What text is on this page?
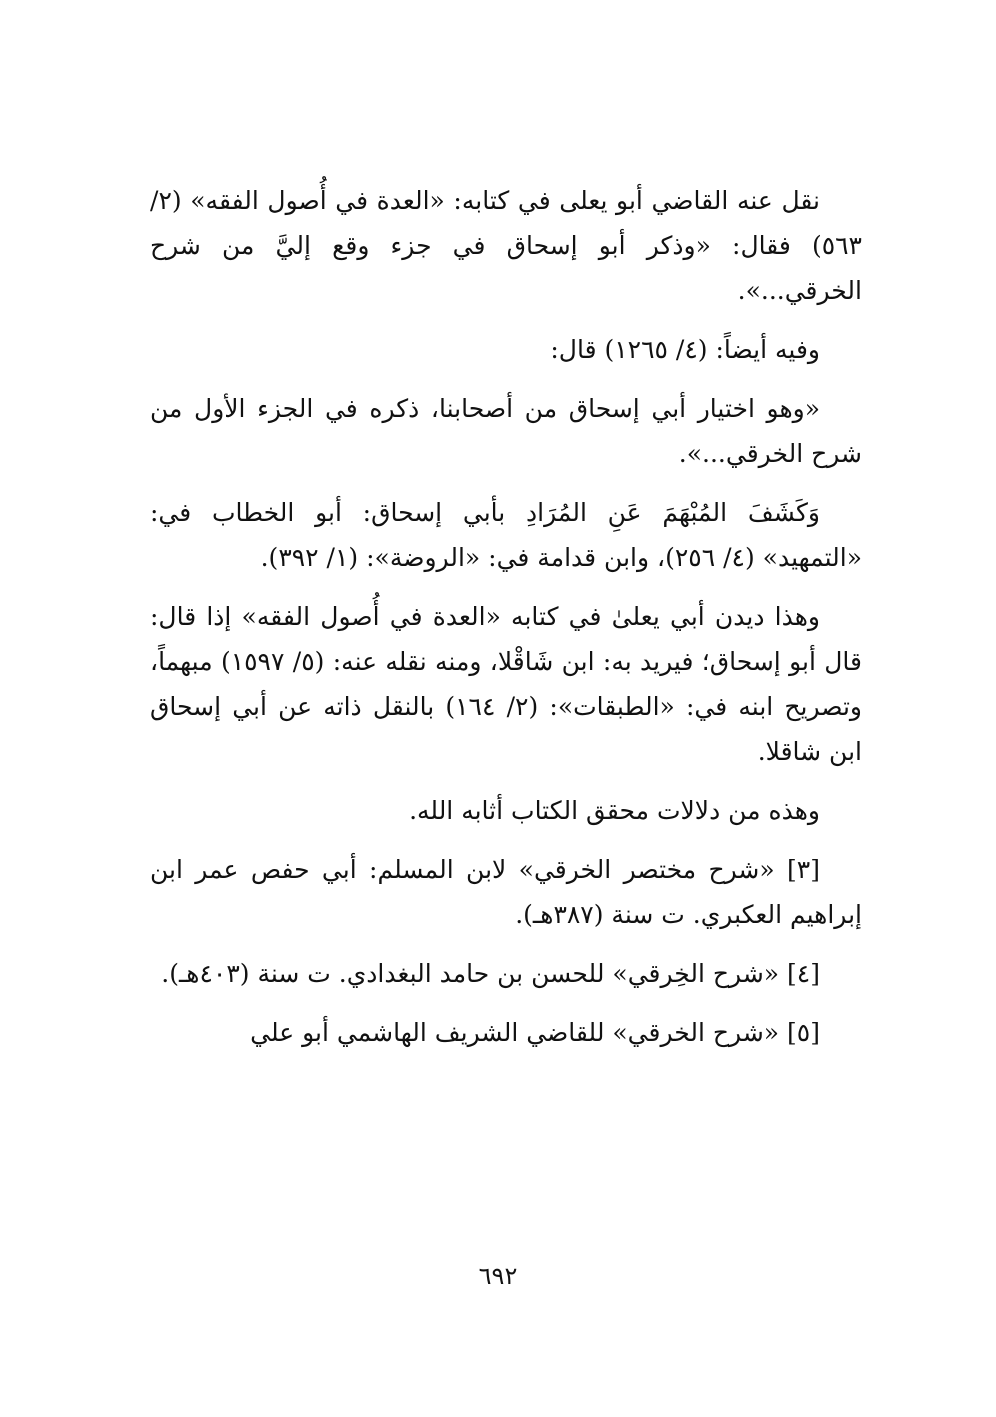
نقل عنه القاضي أبو يعلى في كتابه: «العدة في أُصول الفقه» (٢/ ٥٦٣) فقال: «وذكر أبو إسحاق في جزء وقع إليَّ من شرح الخرقي...».

وفيه أيضاً: (٤/ ١٢٦٥) قال:

«وهو اختيار أبي إسحاق من أصحابنا، ذكره في الجزء الأول من شرح الخرقي...».

وَكَشَفَ المُبْهَمَ عَنِ المُرَادِ بأبي إسحاق: أبو الخطاب في: «التمهيد» (٤/ ٢٥٦)، وابن قدامة في: «الروضة»: (١/ ٣٩٢).

وهذا ديدن أبي يعلىٰ في كتابه «العدة في أُصول الفقه» إذا قال: قال أبو إسحاق؛ فيريد به: ابن شَاقْلا، ومنه نقله عنه: (٥/ ١٥٩٧) مبهماً، وتصريح ابنه في: «الطبقات»: (٢/ ١٦٤) بالنقل ذاته عن أبي إسحاق ابن شاقلا.

وهذه من دلالات محقق الكتاب أثابه الله.

[٣] «شرح مختصر الخرقي» لابن المسلم: أبي حفص عمر ابن إبراهيم العكبري. ت سنة (٣٨٧هـ).

[٤] «شرح الخِرقي» للحسن بن حامد البغدادي. ت سنة (٤٠٣هـ).

[٥] «شرح الخرقي» للقاضي الشريف الهاشمي أبو علي

٦٩٢
